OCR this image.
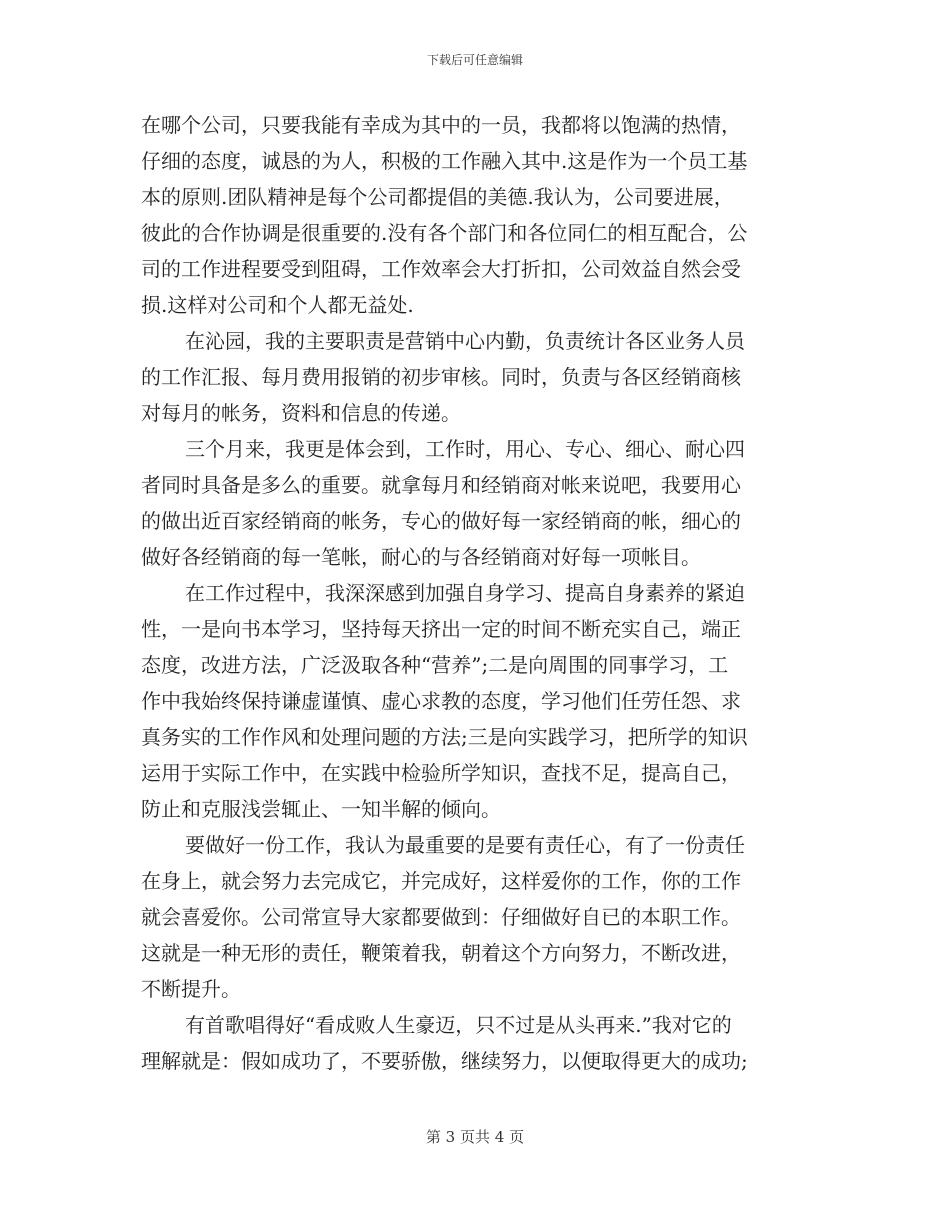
下载后可任意编辑
在哪个公司，只要我能有幸成为其中的一员，我都将以饱满的热情，
仔细的态度，诚恳的为人，积极的工作融入其中.这是作为一个员工基
本的原则.团队精神是每个公司都提倡的美德.我认为，公司要进展，
彼此的合作协调是很重要的.没有各个部门和各位同仁的相互配合，公
司的工作进程要受到阻碍，工作效率会大打折扣，公司效益自然会受
损.这样对公司和个人都无益处.
在沁园，我的主要职责是营销中心内勤，负责统计各区业务人员
的工作汇报、每月费用报销的初步审核。同时，负责与各区经销商核
对每月的帐务，资料和信息的传递。
三个月来，我更是体会到，工作时，用心、专心、细心、耐心四
者同时具备是多么的重要。就拿每月和经销商对帐来说吧，我要用心
的做出近百家经销商的帐务，专心的做好每一家经销商的帐，细心的
做好各经销商的每一笔帐，耐心的与各经销商对好每一项帐目。
在工作过程中，我深深感到加强自身学习、提高自身素养的紧迫
性，一是向书本学习，坚持每天挤出一定的时间不断充实自己，端正
态度，改进方法，广泛汲取各种“营养”;二是向周围的同事学习，工
作中我始终保持谦虚谨慎、虚心求教的态度，学习他们任劳任怨、求
真务实的工作作风和处理问题的方法;三是向实践学习，把所学的知识
运用于实际工作中，在实践中检验所学知识，查找不足，提高自己，
防止和克服浅尝辄止、一知半解的倾向。
要做好一份工作，我认为最重要的是要有责任心，有了一份责任
在身上，就会努力去完成它，并完成好，这样爱你的工作，你的工作
就会喜爱你。公司常宣导大家都要做到：仔细做好自已的本职工作。
这就是一种无形的责任，鞭策着我，朝着这个方向努力，不断改进，
不断提升。
有首歌唱得好“看成败人生豪迈，只不过是从头再来.”我对它的
理解就是：假如成功了，不要骄傲，继续努力，以便取得更大的成功;
第 3 页共 4 页
